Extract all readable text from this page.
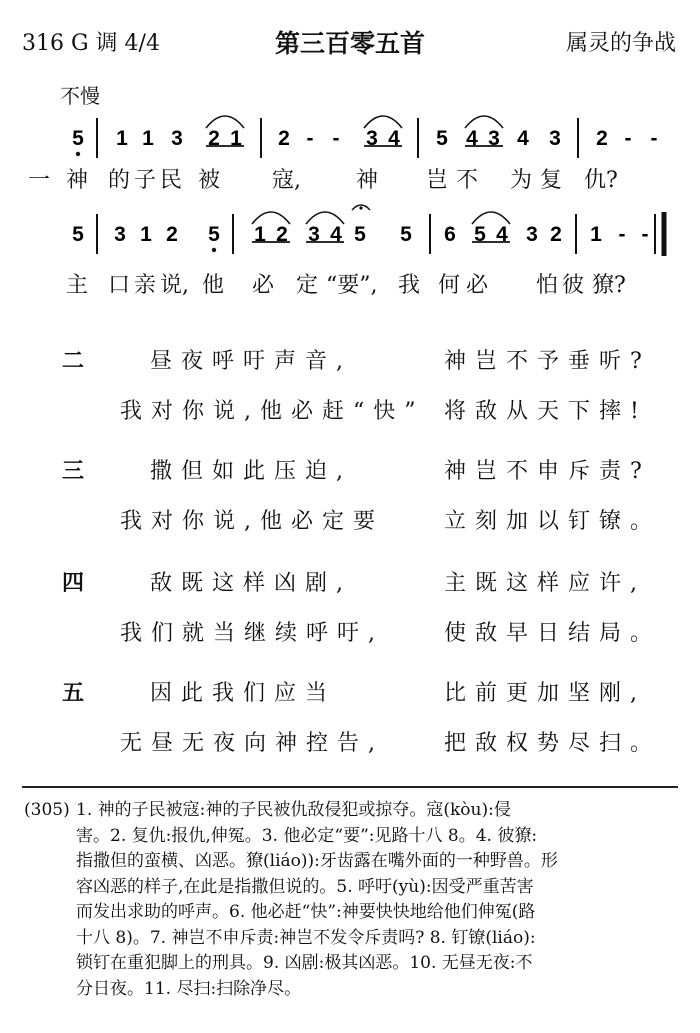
316 G 调 4/4	第三百零五首	属灵的争战
不慢
5 1 1 3 2 1 2 - - 3 4 5 4 3 4 3 2 - -
5 3 1 2 5 1 2 3 4 5 5 6 5 4 3 2 1 - -
一 神 的 子 民 被 寇,	神 岂 不 为 复 仇?
主 口 亲 说, 他 必 定 “要”, 我 何 必 怕 彼 獠?
二	昼夜呼吁声音,	神岂不予垂听?
我对你说,他必赶“快” 将敌从天下摔!
三	撒但如此压迫,	神岂不申斥责?
我对你说,他必定要	立刻加以钉镣。
四	敌既这样凶剧,	主既这样应许,
我们就当继续呼吁,	使敌早日结局。
五	因此我们应当	比前更加坚刚,
无昼无夜向神控告,	把敌权势尽扫。
(305) 1. 神的子民被寇:神的子民被仇敌侵犯或掠夺。寇(kòu):侵
害。2. 复仇:报仇,伸冤。3. 他必定“要”:见路十八 8。4. 彼獠:
指撒但的蛮横、凶恶。獠(liáo)):牙齿露在嘴外面的一种野兽。形
容凶恶的样子,在此是指撒但说的。5. 呼吁(yù):因受严重苦害
而发出求助的呼声。6. 他必赶“快”:神要快快地给他们伸冤(路
十八 8)。7. 神岂不申斥责:神岂不发令斥责吗? 8. 钉镣(liáo):
锁钉在重犯脚上的刑具。9. 凶剧:极其凶恶。10. 无昼无夜:不
分日夜。11. 尽扫:扫除净尽。
